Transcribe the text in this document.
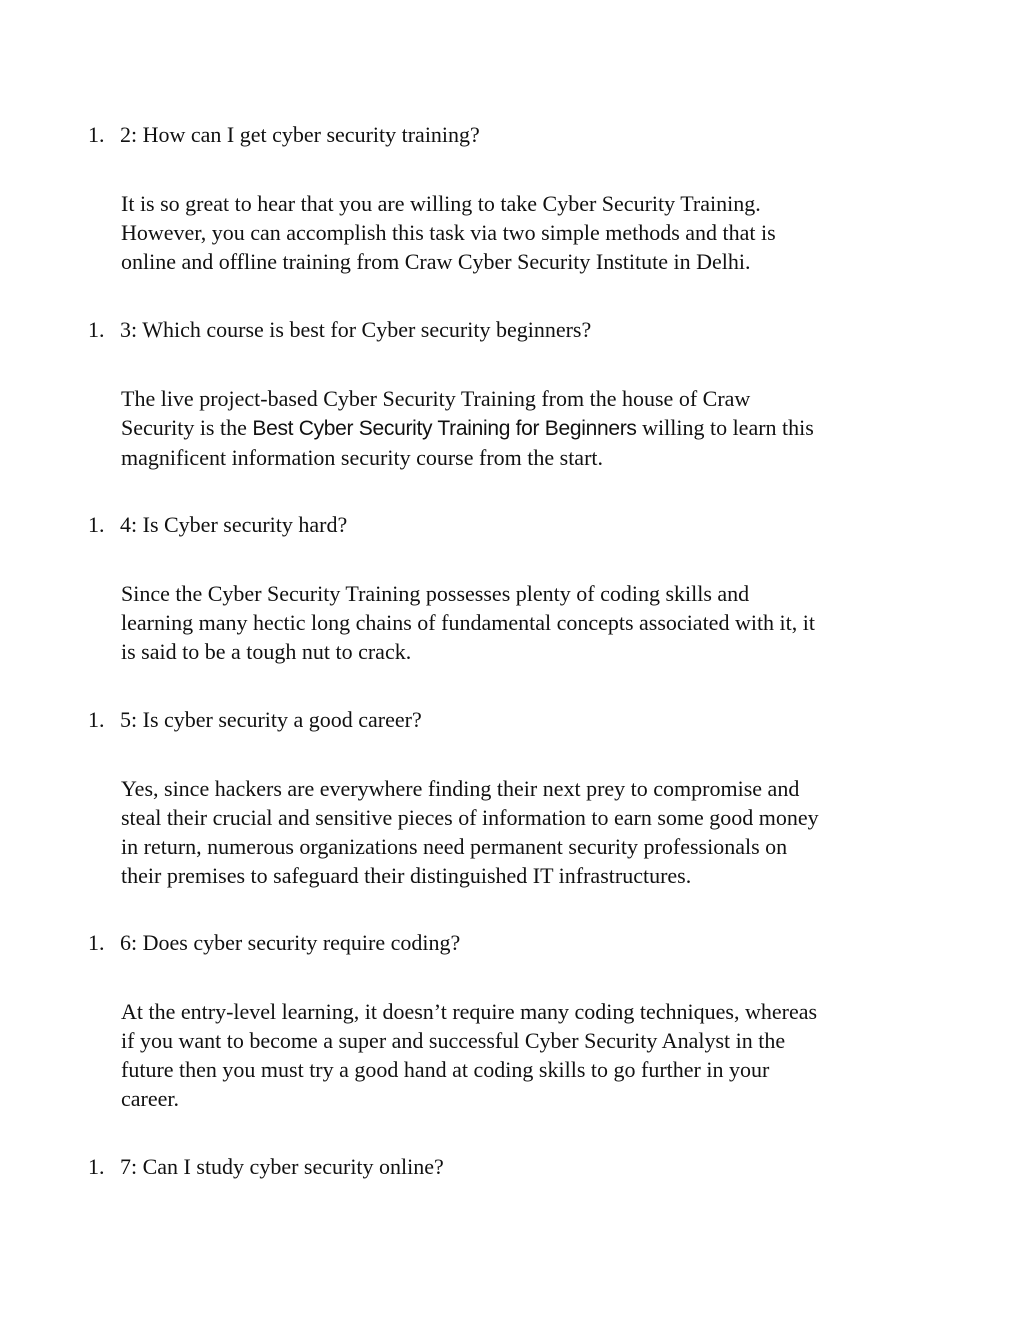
1. 2: How can I get cyber security training?
It is so great to hear that you are willing to take Cyber Security Training.
However, you can accomplish this task via two simple methods and that is
online and offline training from Craw Cyber Security Institute in Delhi.
1. 3: Which course is best for Cyber security beginners?
The live project-based Cyber Security Training from the house of Craw
Security is the Best Cyber Security Training for Beginners willing to learn this
magnificent information security course from the start.
1. 4: Is Cyber security hard?
Since the Cyber Security Training possesses plenty of coding skills and
learning many hectic long chains of fundamental concepts associated with it, it
is said to be a tough nut to crack.
1. 5: Is cyber security a good career?
Yes, since hackers are everywhere finding their next prey to compromise and
steal their crucial and sensitive pieces of information to earn some good money
in return, numerous organizations need permanent security professionals on
their premises to safeguard their distinguished IT infrastructures.
1. 6: Does cyber security require coding?
At the entry-level learning, it doesn’t require many coding techniques, whereas
if you want to become a super and successful Cyber Security Analyst in the
future then you must try a good hand at coding skills to go further in your
career.
1. 7: Can I study cyber security online?
